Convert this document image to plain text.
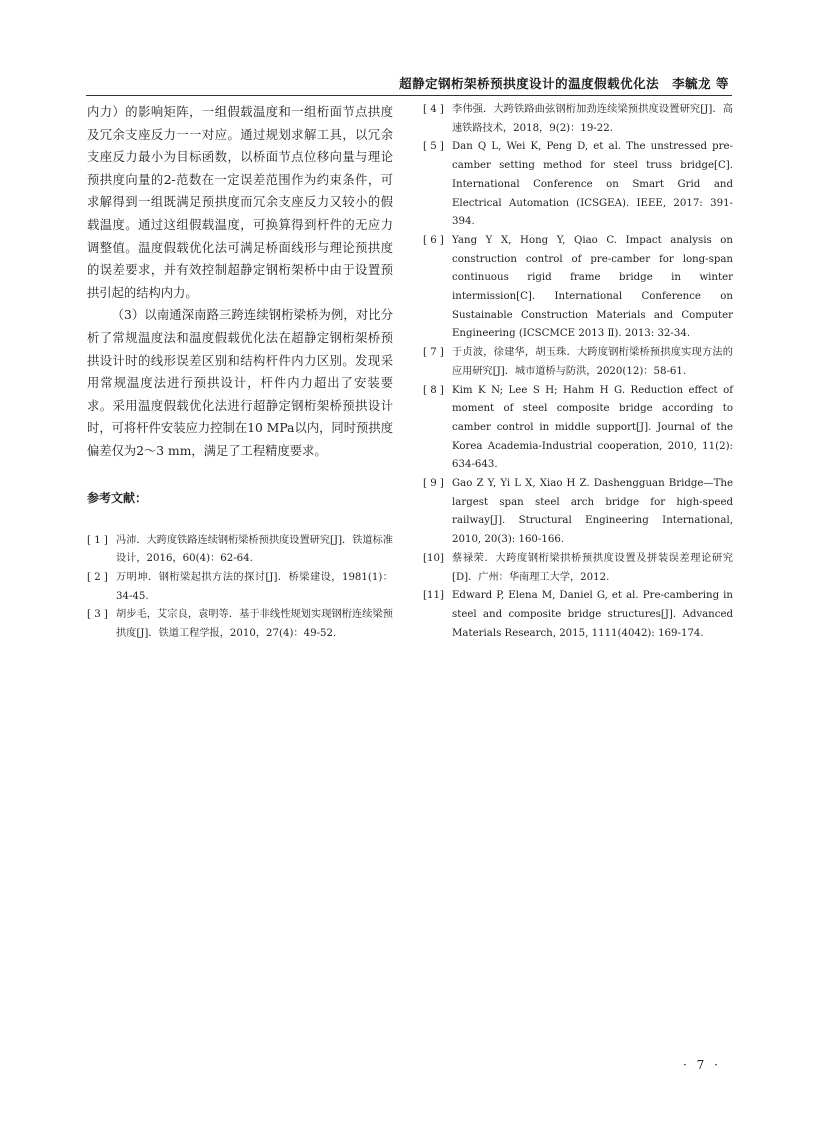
超静定钢桁架桥预拱度设计的温度假载优化法　李毓龙 等

内力）的影响矩阵，一组假载温度和一组桁面节点拱度及冗余支座反力一一对应。通过规划求解工具，以冗余支座反力最小为目标函数，以桥面节点位移向量与理论预拱度向量的2-范数在一定误差范围作为约束条件，可求解得到一组既满足预拱度而冗余支座反力又较小的假载温度。通过这组假载温度，可换算得到杆件的无应力调整值。温度假载优化法可满足桥面线形与理论预拱度的误差要求，并有效控制超静定钢桁架桥中由于设置预拱引起的结构内力。

（3）以南通深南路三跨连续钢桁梁桥为例，对比分析了常规温度法和温度假载优化法在超静定钢桁架桥预拱设计时的线形误差区别和结构杆件内力区别。发现采用常规温度法进行预拱设计，杆件内力超出了安装要求。采用温度假载优化法进行超静定钢桁架桥预拱设计时，可将杆件安装应力控制在10 MPa以内，同时预拱度偏差仅为2～3 mm，满足了工程精度要求。

参考文献：
[ 1 ] 冯沛．大跨度铁路连续钢桁梁桥预拱度设置研究[J]．铁道标准设计，2016，60(4)：62-64.
[ 2 ] 万明坤．钢桁梁起拱方法的探讨[J]．桥梁建设，1981(1)：34-45.
[ 3 ] 胡步毛，艾宗良，袁明等．基于非线性规划实现钢桁连续梁预拱度[J]．铁道工程学报，2010，27(4)：49-52.
[ 4 ] 李伟强．大跨铁路曲弦钢桁加劲连续梁预拱度设置研究[J]．高速铁路技术，2018，9(2)：19-22.
[ 5 ] Dan Q L, Wei K, Peng D, et al. The unstressed pre-camber setting method for steel truss bridge[C]. International Conference on Smart Grid and Electrical Automation (ICSGEA). IEEE, 2017: 391-394.
[ 6 ] Yang Y X, Hong Y, Qiao C. Impact analysis on construction control of pre-camber for long-span continuous rigid frame bridge in winter intermission[C]. International Conference on Sustainable Construction Materials and Computer Engineering (ICSCMCE 2013 Ⅱ). 2013: 32-34.
[ 7 ] 于贞波，徐建华，胡玉珠．大跨度钢桁梁桥预拱度实现方法的应用研究[J]．城市道桥与防洪，2020(12)：58-61.
[ 8 ] Kim K N; Lee S H; Hahm H G. Reduction effect of moment of steel composite bridge according to camber control in middle support[J]. Journal of the Korea Academia-Industrial cooperation, 2010, 11(2): 634-643.
[ 9 ] Gao Z Y, Yi L X, Xiao H Z. Dashengguan Bridge—The largest span steel arch bridge for high-speed railway[J]. Structural Engineering International, 2010, 20(3): 160-166.
[10] 蔡禄荣．大跨度钢桁梁拱桥预拱度设置及拼装误差理论研究[D]．广州：华南理工大学，2012.
[11] Edward P, Elena M, Daniel G, et al. Pre-cambering in steel and composite bridge structures[J]. Advanced Materials Research, 2015, 1111(4042): 169-174.
· 7 ·
